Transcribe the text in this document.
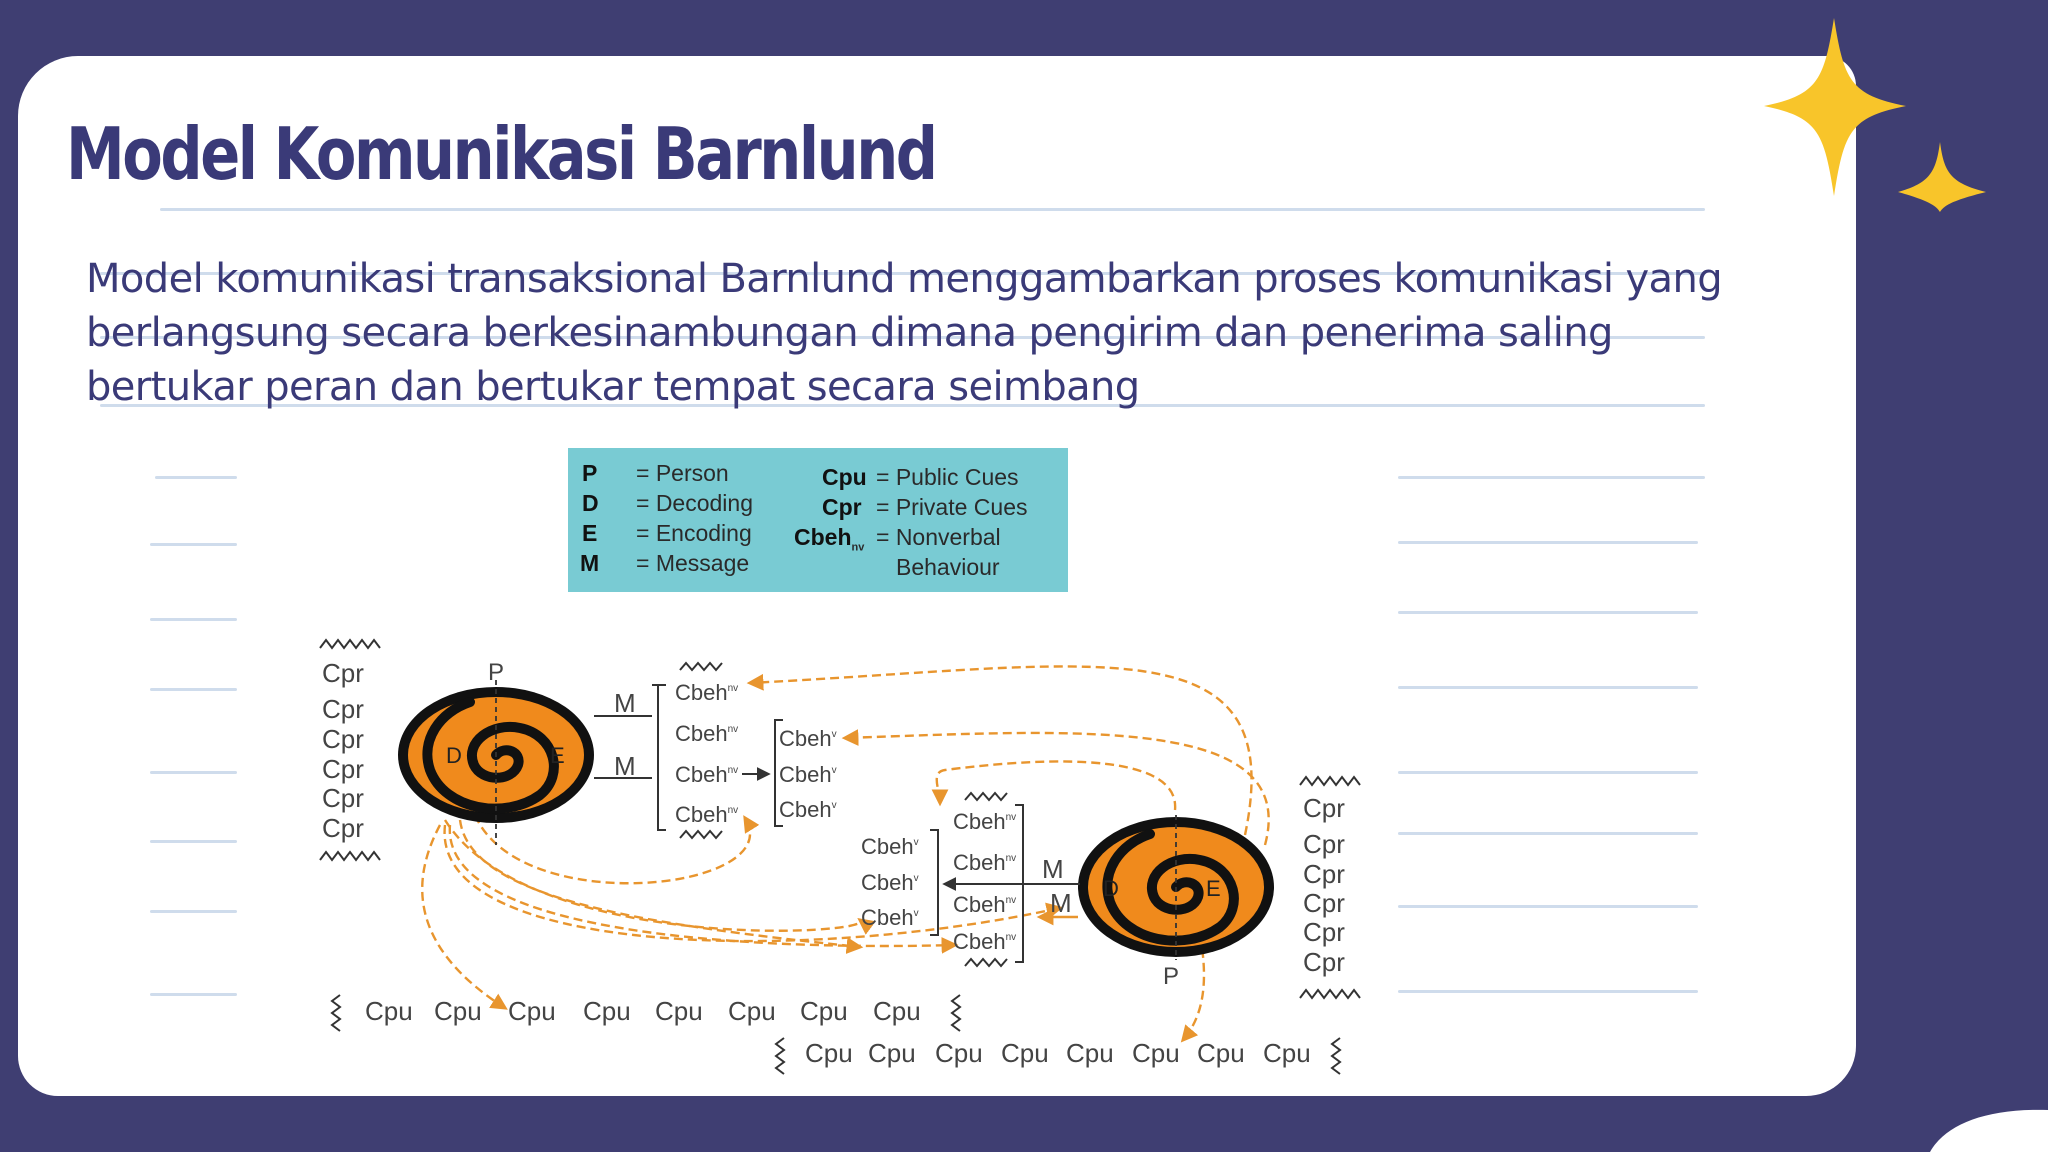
Model Komunikasi Barnlund
Model komunikasi transaksional Barnlund menggambarkan proses komunikasi yang berlangsung secara berkesinambungan dimana pengirim dan penerima saling bertukar peran dan bertukar tempat secara seimbang
P = Person
D = Decoding
E = Encoding
M = Message
Cpu = Public Cues
Cpr = Private Cues
Cbeh$_{nv}$ = Nonverbal
Behaviour
P
D	E
M
M
P
D	E
M
M
Cpr
Cpr
Cpr
Cpr
Cpr
Cpr
Cpr
Cpr
Cpr
Cpr
Cpr
Cpr
Cpu Cpu Cpu Cpu Cpu Cpu Cpu Cpu
Cpu Cpu Cpu Cpu Cpu Cpu Cpu Cpu
Cbeh$^{nv}$
Cbeh$^{nv}$
Cbeh$^{nv}$
Cbeh$^{nv}$
Cbeh$^v$
Cbeh$^v$
Cbeh$^v$
Cbeh$^v$
Cbeh$^v$
Cbeh$^v$
Cbeh$^{nv}$
Cbeh$^{nv}$
Cbeh$^{nv}$
Cbeh$^{nv}$
